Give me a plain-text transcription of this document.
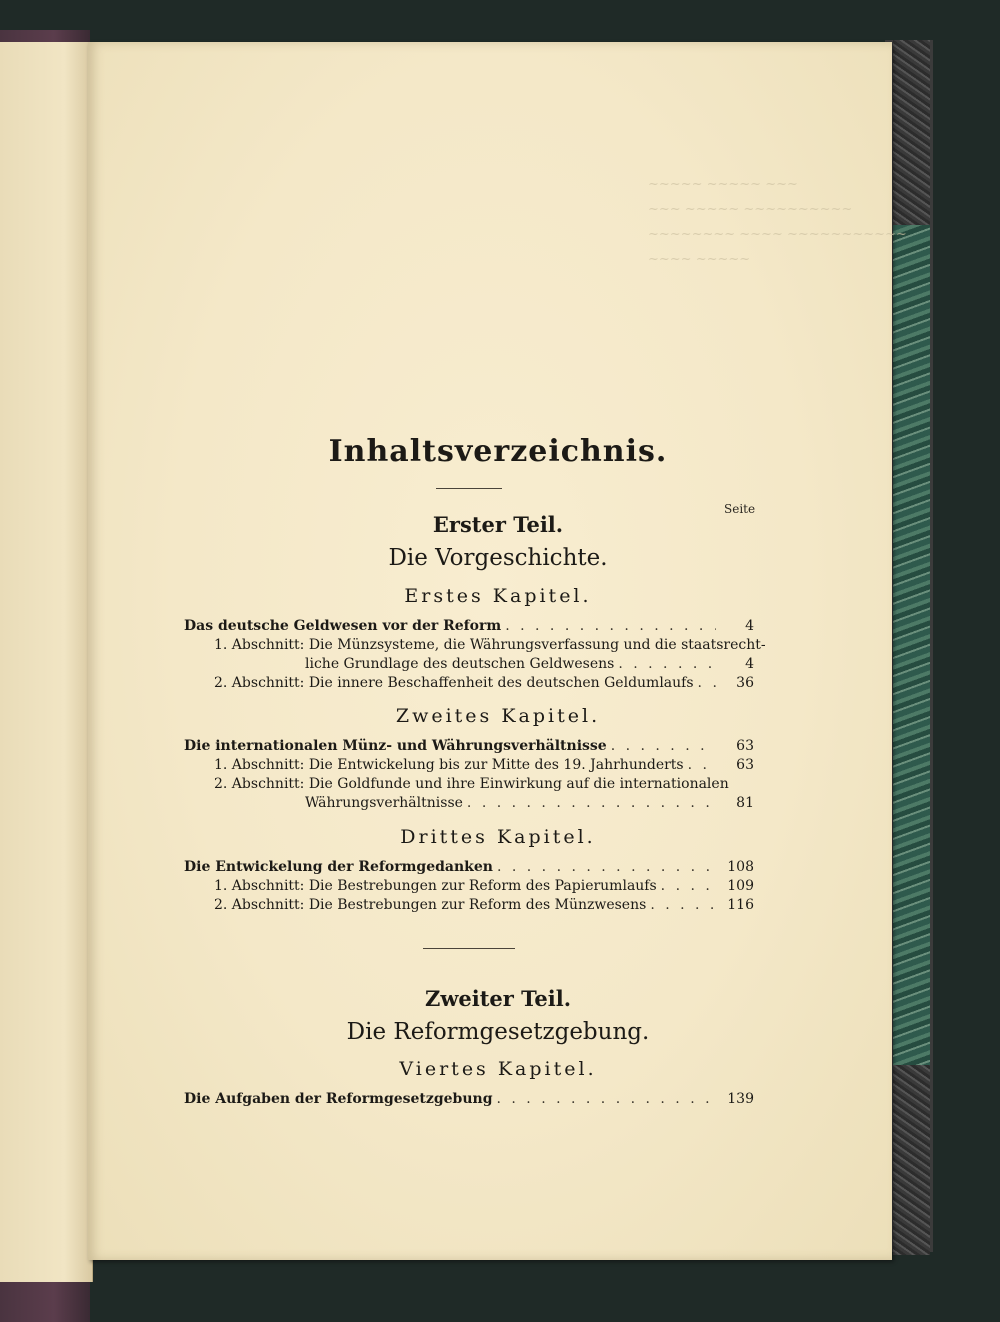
~~~~~ ~~~~~ ~~~
~~~ ~~~~~ ~~~~~~~~~~
~~~~~~~~ ~~~~ ~~~~~~~~~~~
~~~~ ~~~~~
Inhaltsverzeichnis.
Seite
Erster Teil.
Die Vorgeschichte.
Erstes Kapitel.
Das deutsche Geldwesen vor der Reform . . .	4
1. Abschnitt: Die Münzsysteme, die Währungsverfassung und die staatsrecht-
liche Grundlage des deutschen Geldwesens . . .	4
2. Abschnitt: Die innere Beschaffenheit des deutschen Geldumlaufs . . .	36
Zweites Kapitel.
Die internationalen Münz- und Währungsverhältnisse . . .	63
1. Abschnitt: Die Entwickelung bis zur Mitte des 19. Jahrhunderts . . .	63
2. Abschnitt: Die Goldfunde und ihre Einwirkung auf die internationalen
Währungsverhältnisse . . .	81
Drittes Kapitel.
Die Entwickelung der Reformgedanken . . .	108
1. Abschnitt: Die Bestrebungen zur Reform des Papierumlaufs . . .	109
2. Abschnitt: Die Bestrebungen zur Reform des Münzwesens . . .	116
Zweiter Teil.
Die Reformgesetzgebung.
Viertes Kapitel.
Die Aufgaben der Reformgesetzgebung . . .	139
